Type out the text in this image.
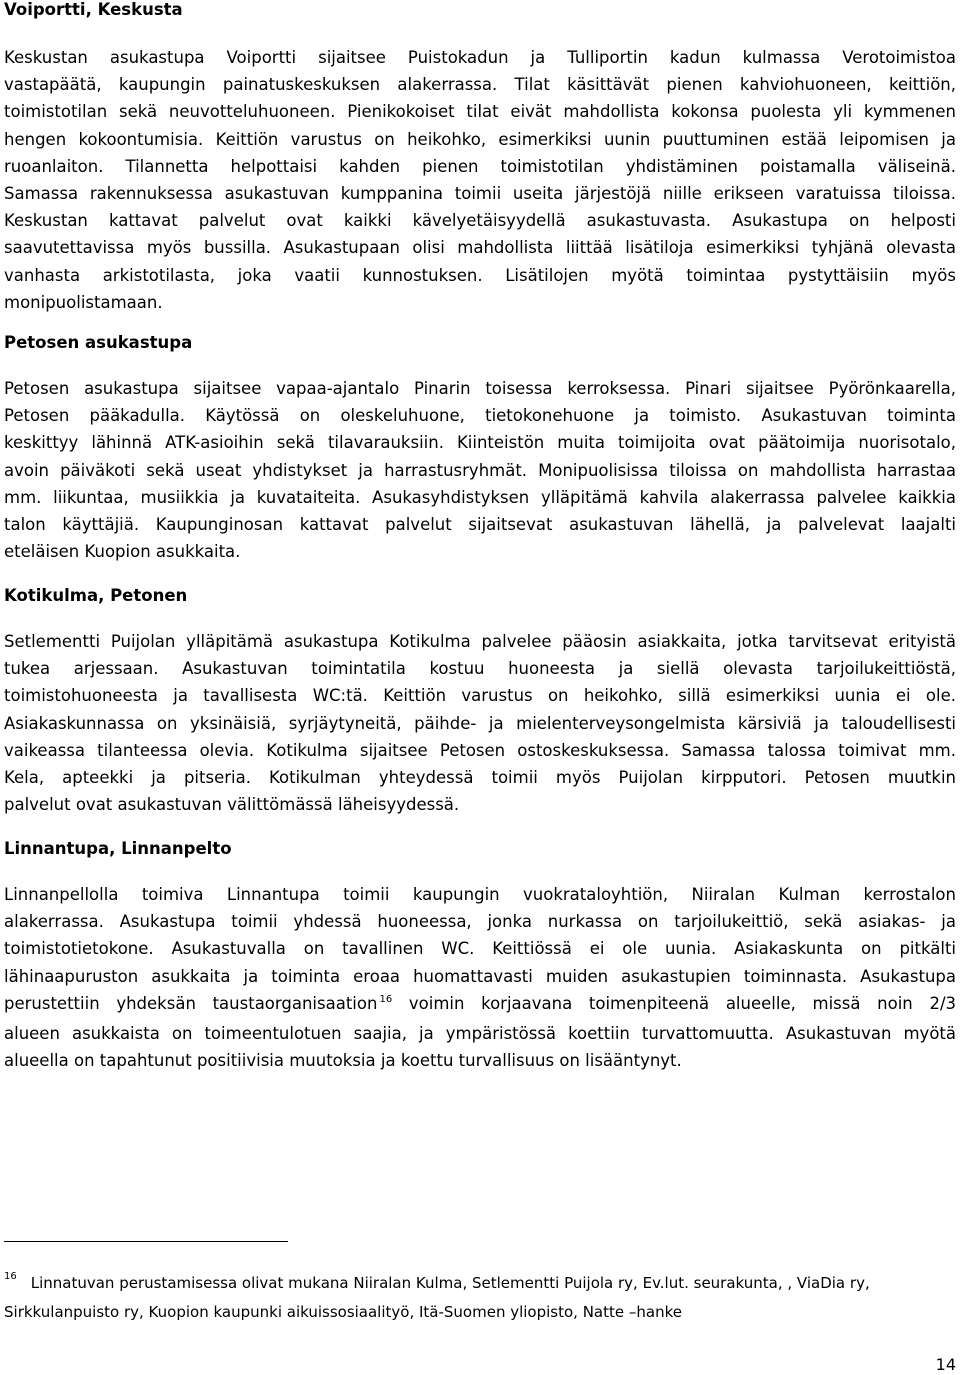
Voiportti, Keskusta
Keskustan asukastupa Voiportti sijaitsee Puistokadun ja Tulliportin kadun kulmassa Verotoimistoa
vastapäätä, kaupungin painatuskeskuksen alakerrassa. Tilat käsittävät pienen kahviohuoneen, keittiön,
toimistotilan sekä neuvotteluhuoneen. Pienikokoiset tilat eivät mahdollista kokonsa puolesta yli kymmenen
hengen kokoontumisia. Keittiön varustus on heikohko, esimerkiksi uunin puuttuminen estää leipomisen ja
ruoanlaiton. Tilannetta helpottaisi kahden pienen toimistotilan yhdistäminen poistamalla väliseinä.
Samassa rakennuksessa asukastuvan kumppanina toimii useita järjestöjä niille erikseen varatuissa tiloissa.
Keskustan kattavat palvelut ovat kaikki kävelyetäisyydellä asukastuvasta. Asukastupa on helposti
saavutettavissa myös bussilla. Asukastupaan olisi mahdollista liittää lisätiloja esimerkiksi tyhjänä olevasta
vanhasta arkistotilasta, joka vaatii kunnostuksen. Lisätilojen myötä toimintaa pystyttäisiin myös
monipuolistamaan.
Petosen asukastupa
Petosen asukastupa sijaitsee vapaa-ajantalo Pinarin toisessa kerroksessa. Pinari sijaitsee Pyörönkaarella,
Petosen pääkadulla. Käytössä on oleskeluhuone, tietokonehuone ja toimisto. Asukastuvan toiminta
keskittyy lähinnä ATK-asioihin sekä tilavarauksiin. Kiinteistön muita toimijoita ovat päätoimija nuorisotalo,
avoin päiväkoti sekä useat yhdistykset ja harrastusryhmät. Monipuolisissa tiloissa on mahdollista harrastaa
mm. liikuntaa, musiikkia ja kuvataiteita. Asukasyhdistyksen ylläpitämä kahvila alakerrassa palvelee kaikkia
talon käyttäjiä. Kaupunginosan kattavat palvelut sijaitsevat asukastuvan lähellä, ja palvelevat laajalti
eteläisen Kuopion asukkaita.
Kotikulma, Petonen
Setlementti Puijolan ylläpitämä asukastupa Kotikulma palvelee pääosin asiakkaita, jotka tarvitsevat erityistä
tukea arjessaan. Asukastuvan toimintatila kostuu huoneesta ja siellä olevasta tarjoilukeittiöstä,
toimistohuoneesta ja tavallisesta WC:tä. Keittiön varustus on heikohko, sillä esimerkiksi uunia ei ole.
Asiakaskunnassa on yksinäisiä, syrjäytyneitä, päihde- ja mielenterveysongelmista kärsiviä ja taloudellisesti
vaikeassa tilanteessa olevia. Kotikulma sijaitsee Petosen ostoskeskuksessa. Samassa talossa toimivat mm.
Kela, apteekki ja pitseria. Kotikulman yhteydessä toimii myös Puijolan kirpputori. Petosen muutkin
palvelut ovat asukastuvan välittömässä läheisyydessä.
Linnantupa, Linnanpelto
Linnanpellolla toimiva Linnantupa toimii kaupungin vuokrataloyhtiön, Niiralan Kulman kerrostalon
alakerrassa. Asukastupa toimii yhdessä huoneessa, jonka nurkassa on tarjoilukeittiö, sekä asiakas- ja
toimistotietokone. Asukastuvalla on tavallinen WC. Keittiössä ei ole uunia. Asiakaskunta on pitkälti
lähinaapuruston asukkaita ja toiminta eroaa huomattavasti muiden asukastupien toiminnasta. Asukastupa
perustettiin yhdeksän taustaorganisaation $^{16}$ voimin korjaavana toimenpiteenä alueelle, missä noin 2/3
alueen asukkaista on toimeentulotuen saajia, ja ympäristössä koettiin turvattomuutta. Asukastuvan myötä
alueella on tapahtunut positiivisia muutoksia ja koettu turvallisuus on lisääntynyt.
$^{16}$ Linnatuvan perustamisessa olivat mukana Niiralan Kulma, Setlementti Puijola ry, Ev.lut. seurakunta, , ViaDia ry,
Sirkkulanpuisto ry, Kuopion kaupunki aikuissosiaalityö, Itä-Suomen yliopisto, Natte –hanke
14
